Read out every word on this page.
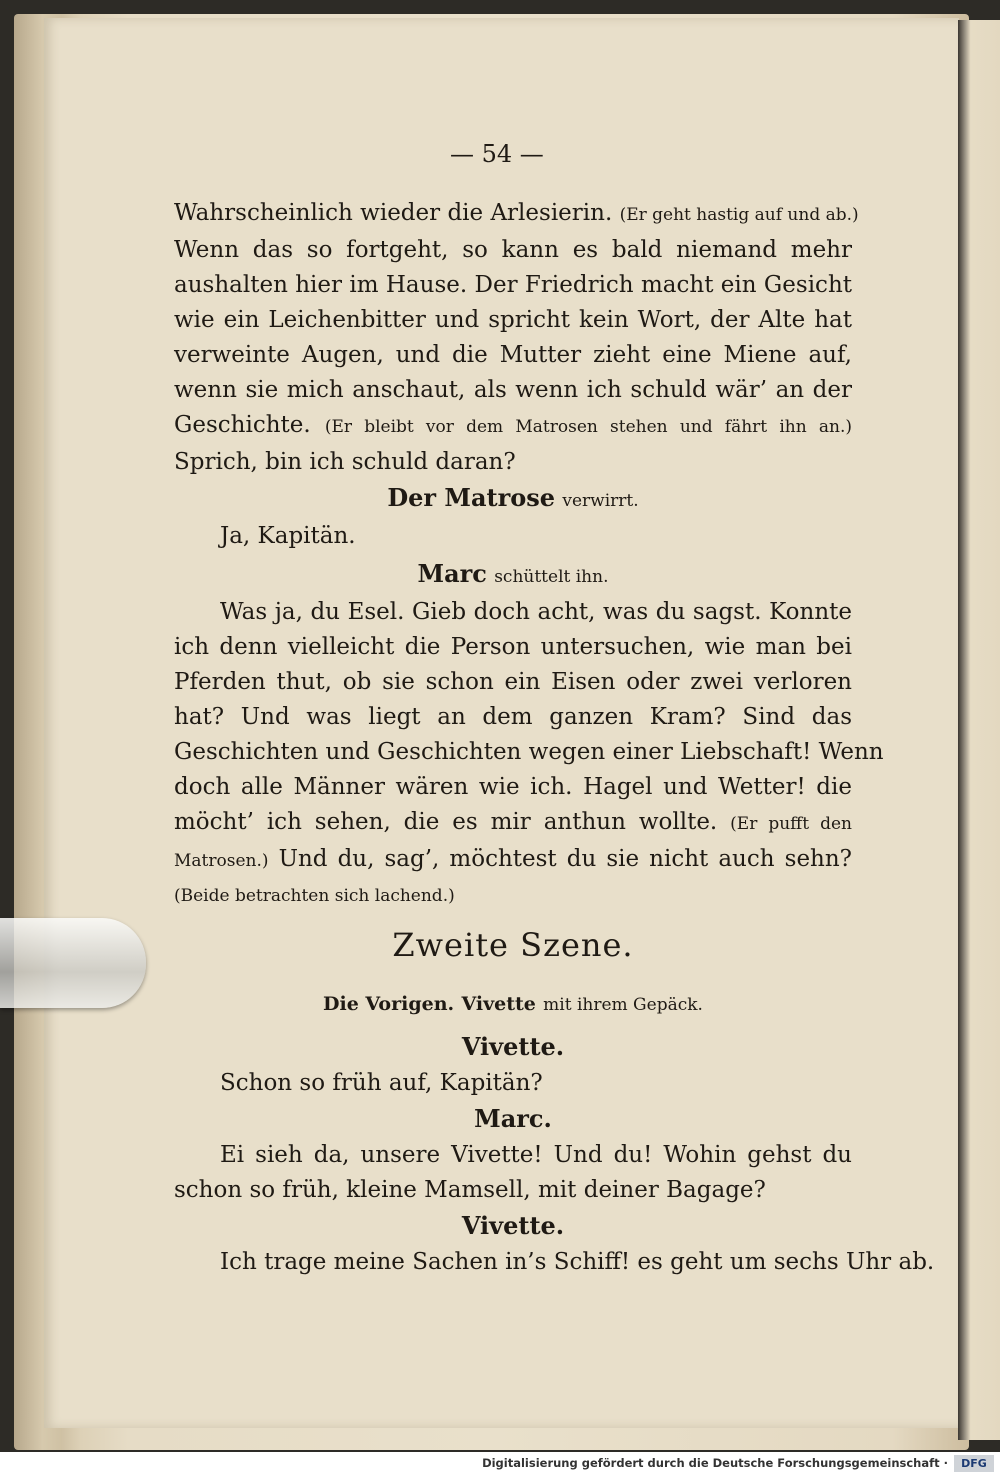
— 54 —
Wahrscheinlich wieder die Arlesierin. (Er geht hastig auf und ab.)
Wenn das so fortgeht, so kann es bald niemand mehr
aushalten hier im Hause. Der Friedrich macht ein Gesicht
wie ein Leichenbitter und spricht kein Wort, der Alte hat
verweinte Augen, und die Mutter zieht eine Miene auf,
wenn sie mich anschaut, als wenn ich schuld wär’ an der
Geschichte. (Er bleibt vor dem Matrosen stehen und fährt ihn an.)
Sprich, bin ich schuld daran?
Der Matrose verwirrt.
Ja, Kapitän.
Marc schüttelt ihn.
Was ja, du Esel. Gieb doch acht, was du sagst. Konnte
ich denn vielleicht die Person untersuchen, wie man bei
Pferden thut, ob sie schon ein Eisen oder zwei verloren
hat? Und was liegt an dem ganzen Kram? Sind das
Geschichten und Geschichten wegen einer Liebschaft! Wenn
doch alle Männer wären wie ich. Hagel und Wetter! die
möcht’ ich sehen, die es mir anthun wollte. (Er pufft den
Matrosen.) Und du, sag’, möchtest du sie nicht auch sehn?
(Beide betrachten sich lachend.)
Zweite Szene.
Die Vorigen. Vivette mit ihrem Gepäck.
Vivette.
Schon so früh auf, Kapitän?
Marc.
Ei sieh da, unsere Vivette! Und du! Wohin gehst du
schon so früh, kleine Mamsell, mit deiner Bagage?
Vivette.
Ich trage meine Sachen in’s Schiff! es geht um sechs Uhr ab.
Digitalisierung gefördert durch die Deutsche Forschungsgemeinschaft ·	DFG
